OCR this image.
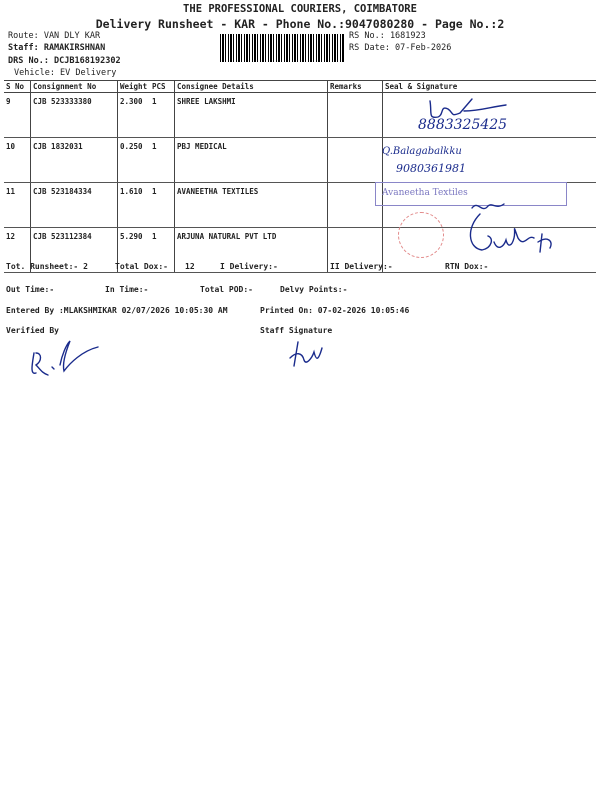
THE PROFESSIONAL COURIERS, COIMBATORE
Delivery Runsheet - KAR - Phone No.:9047080280 - Page No.:2
Route: VAN DLY KAR
Staff: RAMAKIRSHNAN
DRS No.: DCJB168192302
Vehicle: EV Delivery
RS No.: 1681923
RS Date: 07-Feb-2026
S No	Consignment No	Weight	PCS	Consignee Details	Remarks	Seal & Signature
9	CJB 523333380	2.300	1	SHREE LAKSHMI		
10	CJB 1832031	0.250	1	PBJ MEDICAL		
11	CJB 523184334	1.610	1	AVANEETHA TEXTILES		
12	CJB 523112384	5.290	1	ARJUNA NATURAL PVT LTD		
8883325425
Q.Balagabalkku
9080361981
Avaneetha Textiles
Tot. Runsheet:- 2	Total Dox:- 12	I Delivery:-	II Delivery:-	RTN Dox:-
Out Time:-	In Time:-	Total POD:-	Delvy Points:-
Entered By :MLAKSHMIKAR 02/07/2026 10:05:30 AM	Printed On: 07-02-2026 10:05:46
Verified By	Staff Signature
